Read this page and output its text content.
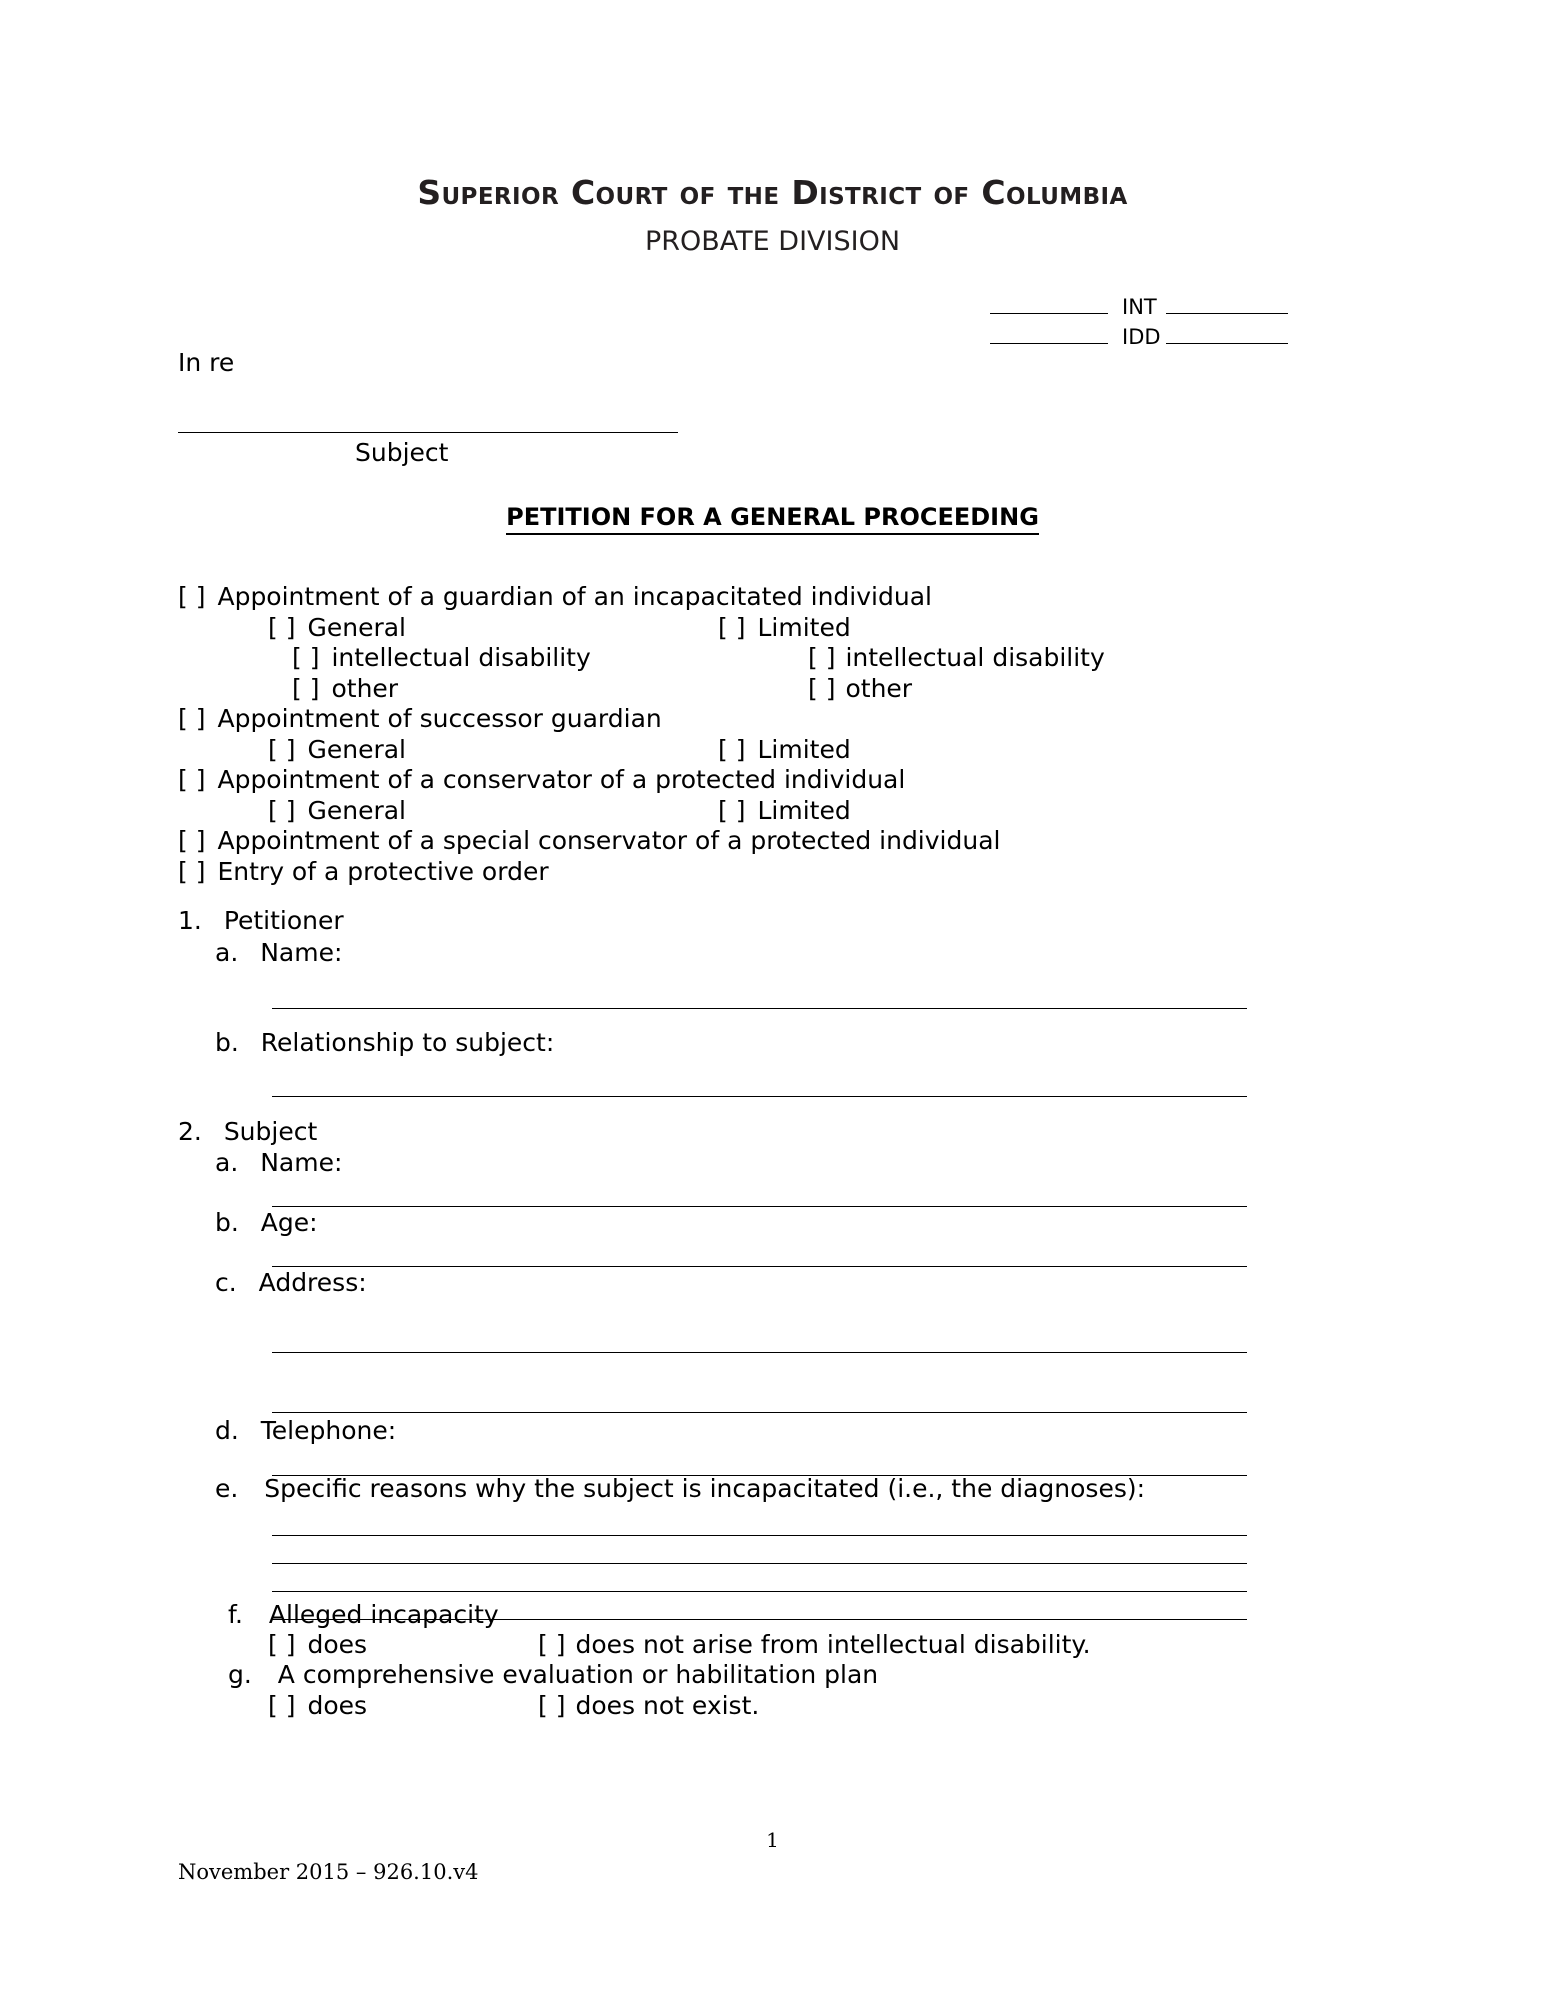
Superior Court of the District of Columbia
PROBATE DIVISION
INT
IDD
In re
Subject
PETITION FOR A GENERAL PROCEEDING
[ ]Appointment of a guardian of an incapacitated individual
[ ]General [ ]	Limited
[ ]intellectual disability [ ]	intellectual disability
[ ]other [ ]	other
[ ]Appointment of successor guardian
[ ]General [ ]	Limited
[ ]Appointment of a conservator of a protected individual
[ ]General [ ]	Limited
[ ]Appointment of a special conservator of a protected individual
[ ]Entry of a protective order
1. Petitioner
a. Name:
b. Relationship to subject:
2. Subject
a. Name:
b. Age:
c. Address:
d. Telephone:
e. Specific reasons why the subject is incapacitated (i.e., the diagnoses):
f. Alleged incapacity
[ ]does [ ]	does not arise from intellectual disability.
g. A comprehensive evaluation or habilitation plan
[ ]does [ ]	does not exist.
1
November 2015 – 926.10.v4
